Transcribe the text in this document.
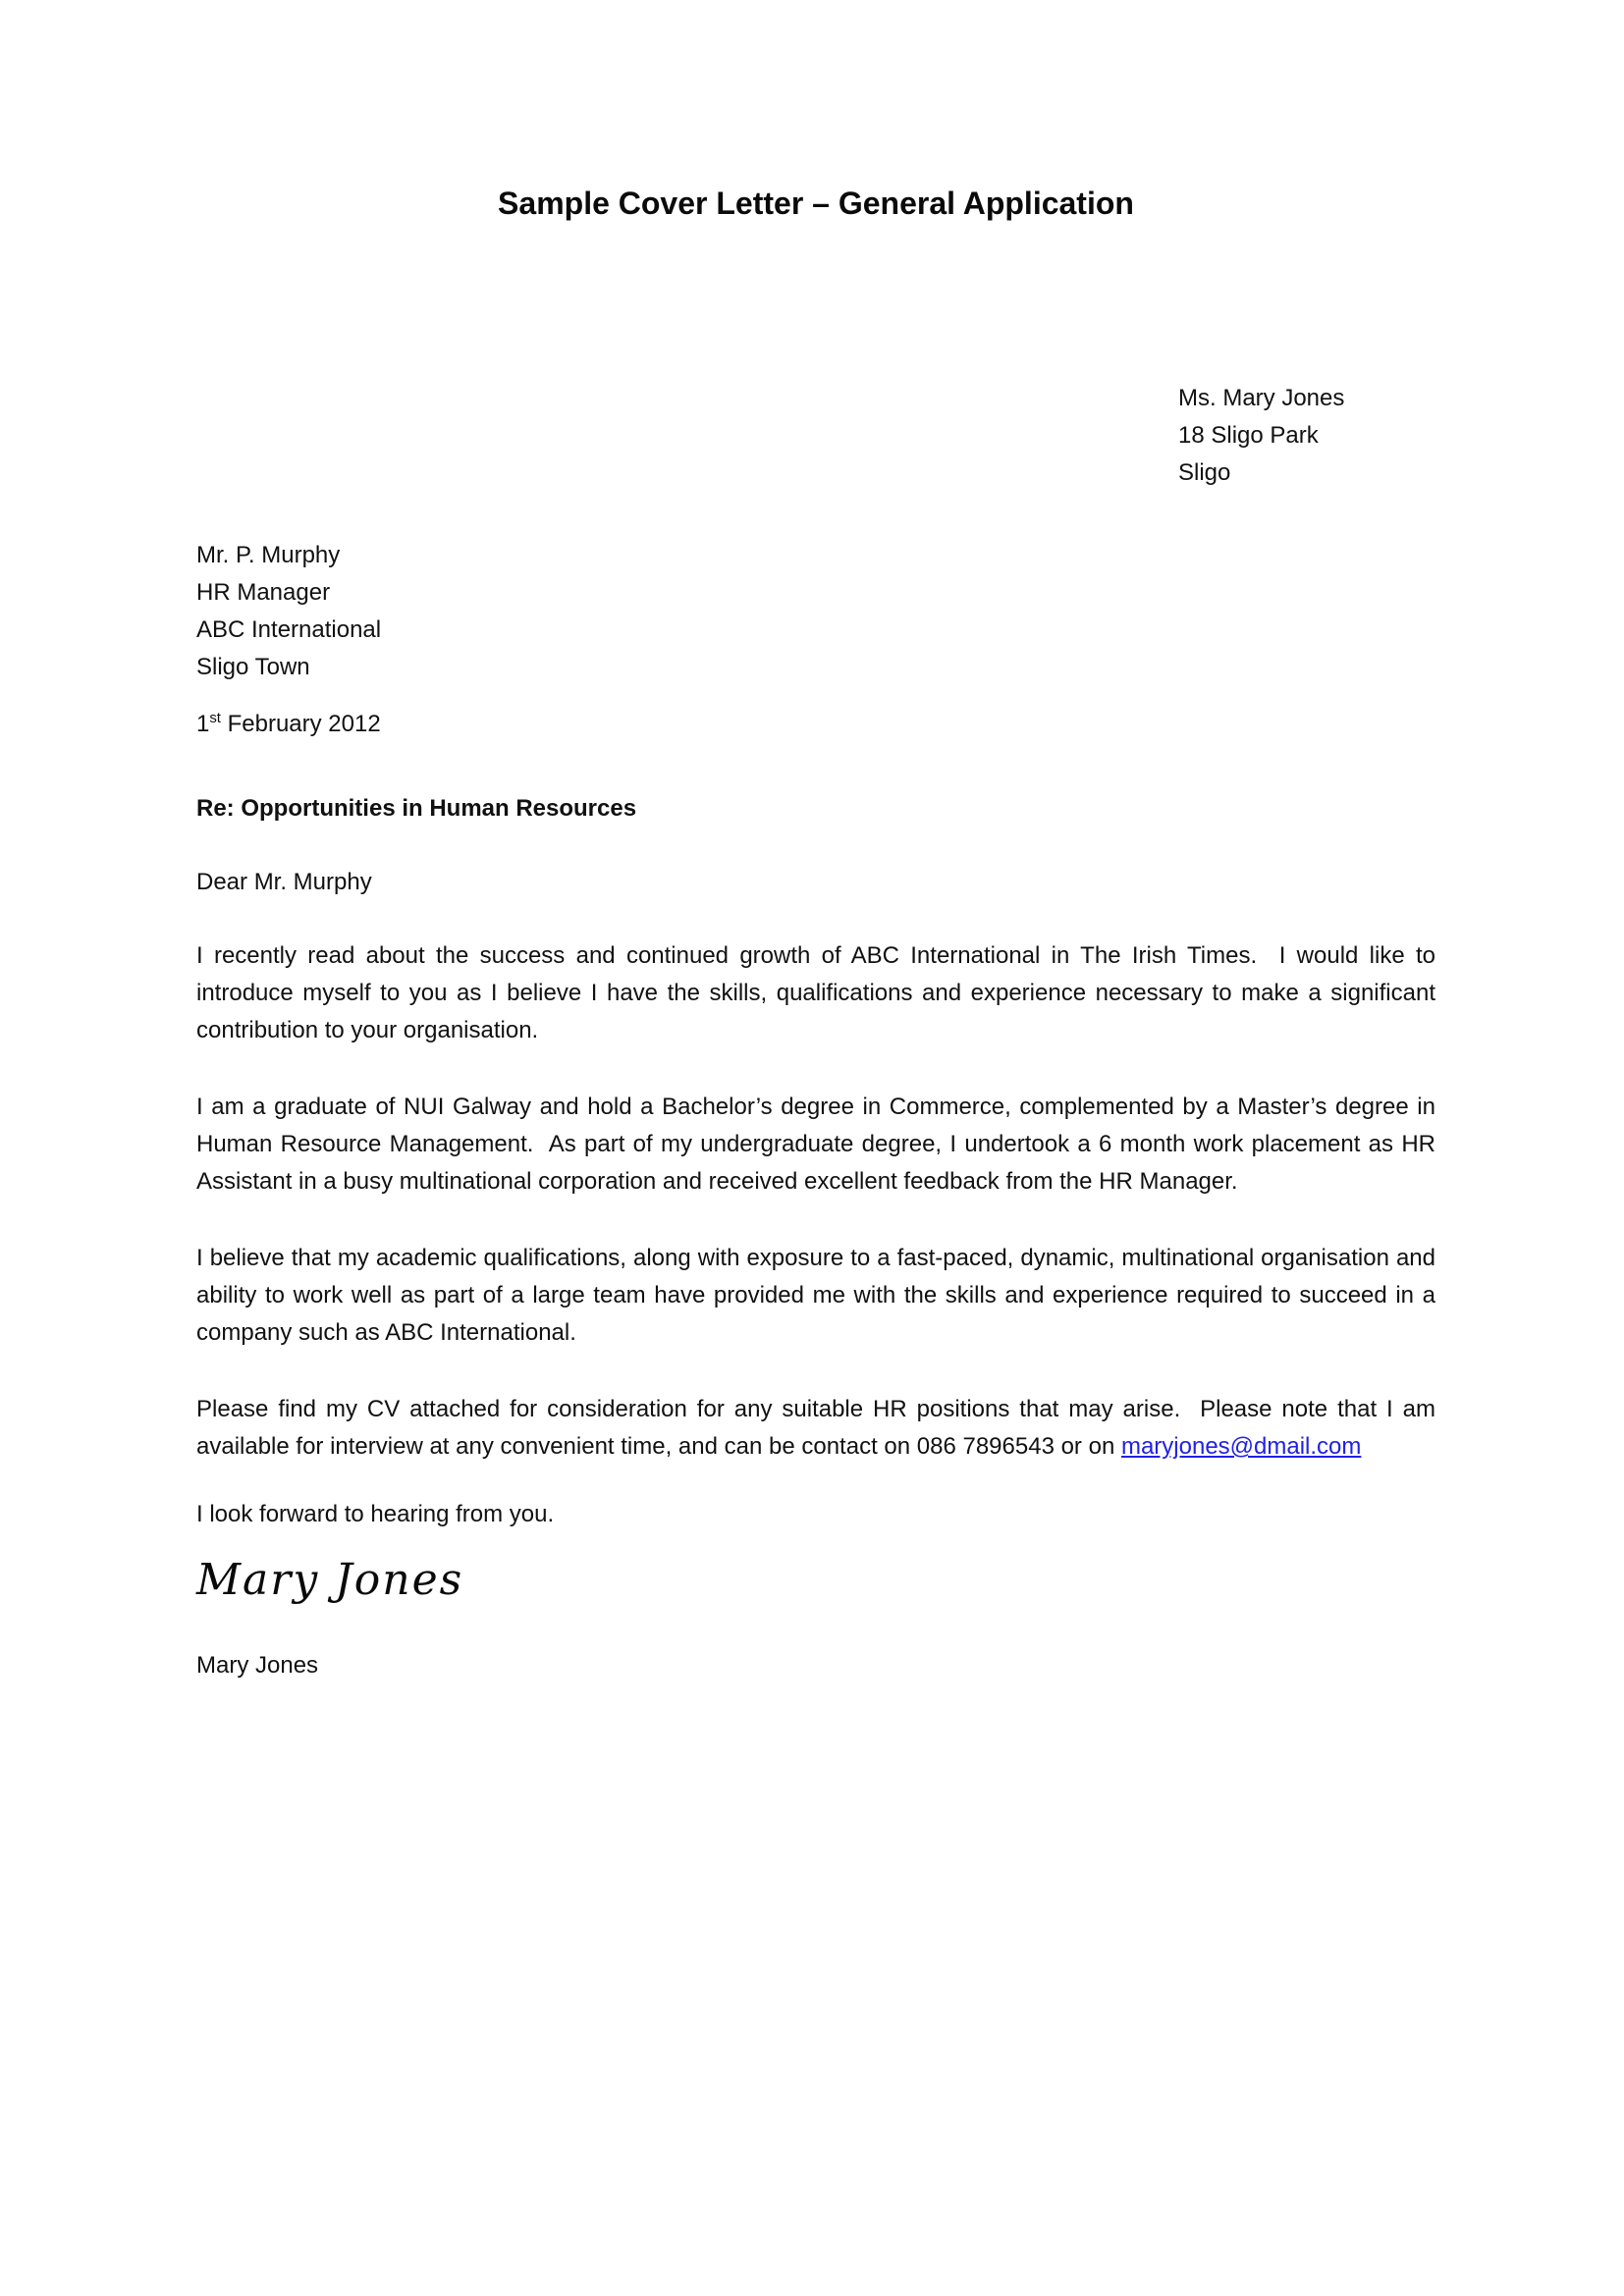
Sample Cover Letter – General Application
Ms. Mary Jones
18 Sligo Park
Sligo
Mr. P. Murphy
HR Manager
ABC International
Sligo Town

1st February 2012

Re: Opportunities in Human Resources

Dear Mr. Murphy

I recently read about the success and continued growth of ABC International in The Irish Times.  I would like to introduce myself to you as I believe I have the skills, qualifications and experience necessary to make a significant contribution to your organisation.

I am a graduate of NUI Galway and hold a Bachelor’s degree in Commerce, complemented by a Master’s degree in Human Resource Management.  As part of my undergraduate degree, I undertook a 6 month work placement as HR Assistant in a busy multinational corporation and received excellent feedback from the HR Manager.

I believe that my academic qualifications, along with exposure to a fast-paced, dynamic, multinational organisation and ability to work well as part of a large team have provided me with the skills and experience required to succeed in a company such as ABC International.

Please find my CV attached for consideration for any suitable HR positions that may arise.  Please note that I am available for interview at any convenient time, and can be contact on 086 7896543 or on maryjones@dmail.com

I look forward to hearing from you.

Mary Jones

Mary Jones
